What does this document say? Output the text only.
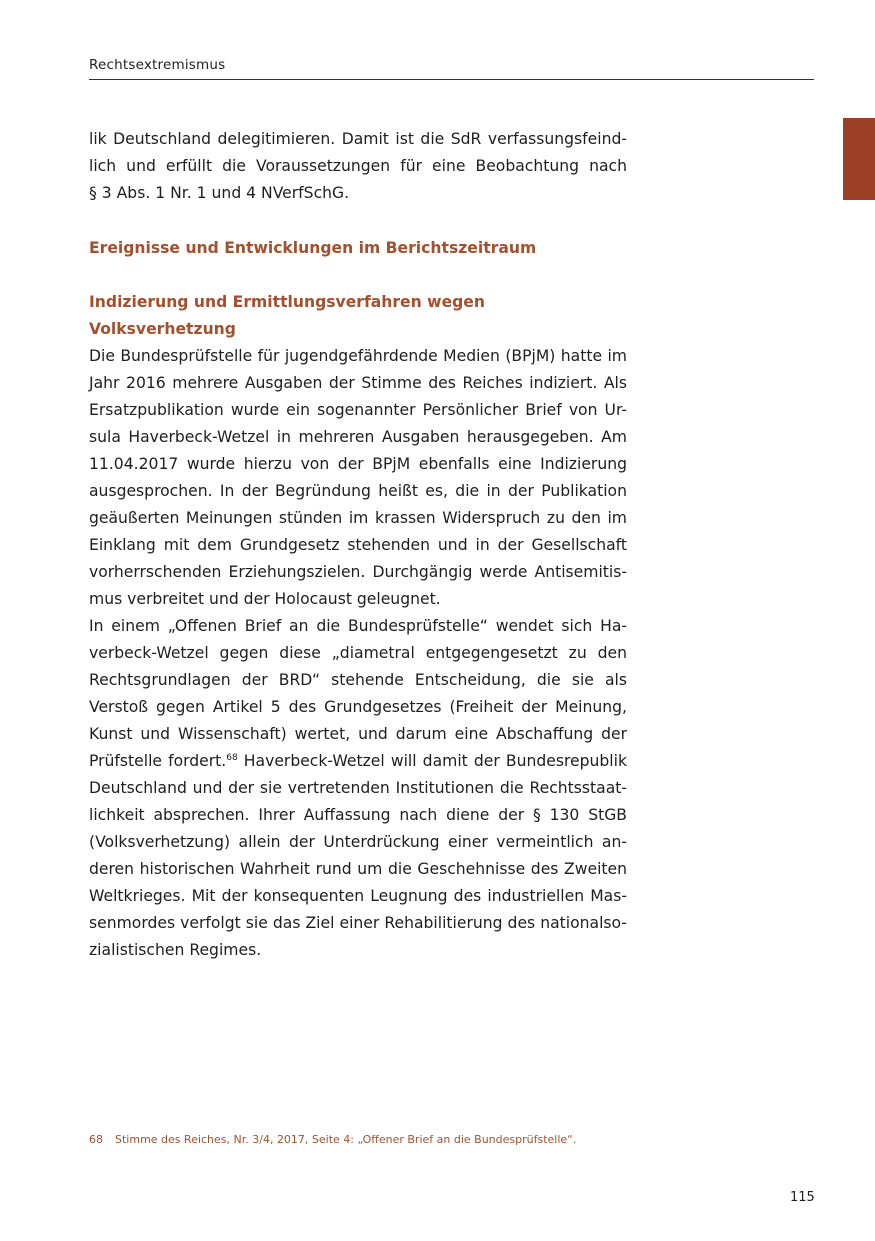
Rechtsextremismus

lik Deutschland delegitimieren. Damit ist die SdR verfassungsfeind-
lich und erfüllt die Voraussetzungen für eine Beobachtung nach
§ 3 Abs. 1 Nr. 1 und 4 NVerfSchG.

Ereignisse und Entwicklungen im Berichtszeitraum
Indizierung und Ermittlungsverfahren wegen Volksverhetzung

Die Bundesprüfstelle für jugendgefährdende Medien (BPjM) hatte im
Jahr 2016 mehrere Ausgaben der Stimme des Reiches indiziert. Als
Ersatzpublikation wurde ein sogenannter Persönlicher Brief von Ur-
sula Haverbeck-Wetzel in mehreren Ausgaben herausgegeben. Am
11.04.2017 wurde hierzu von der BPjM ebenfalls eine Indizierung
ausgesprochen. In der Begründung heißt es, die in der Publikation
geäußerten Meinungen stünden im krassen Widerspruch zu den im
Einklang mit dem Grundgesetz stehenden und in der Gesellschaft
vorherrschenden Erziehungszielen. Durchgängig werde Antisemitis-
mus verbreitet und der Holocaust geleugnet.

In einem „Offenen Brief an die Bundesprüfstelle“ wendet sich Ha-
verbeck-Wetzel gegen diese „diametral entgegengesetzt zu den
Rechtsgrundlagen der BRD“ stehende Entscheidung, die sie als
Verstoß gegen Artikel 5 des Grundgesetzes (Freiheit der Meinung,
Kunst und Wissenschaft) wertet, und darum eine Abschaffung der
Prüfstelle fordert.$^{68}$ Haverbeck-Wetzel will damit der Bundesrepublik
Deutschland und der sie vertretenden Institutionen die Rechtsstaat-
lichkeit absprechen. Ihrer Auffassung nach diene der § 130 StGB
(Volksverhetzung) allein der Unterdrückung einer vermeintlich an-
deren historischen Wahrheit rund um die Geschehnisse des Zweiten
Weltkrieges. Mit der konsequenten Leugnung des industriellen Mas-
senmordes verfolgt sie das Ziel einer Rehabilitierung des nationalso-
zialistischen Regimes.

68 Stimme des Reiches, Nr. 3/4, 2017, Seite 4: „Offener Brief an die Bundesprüfstelle“.
115
